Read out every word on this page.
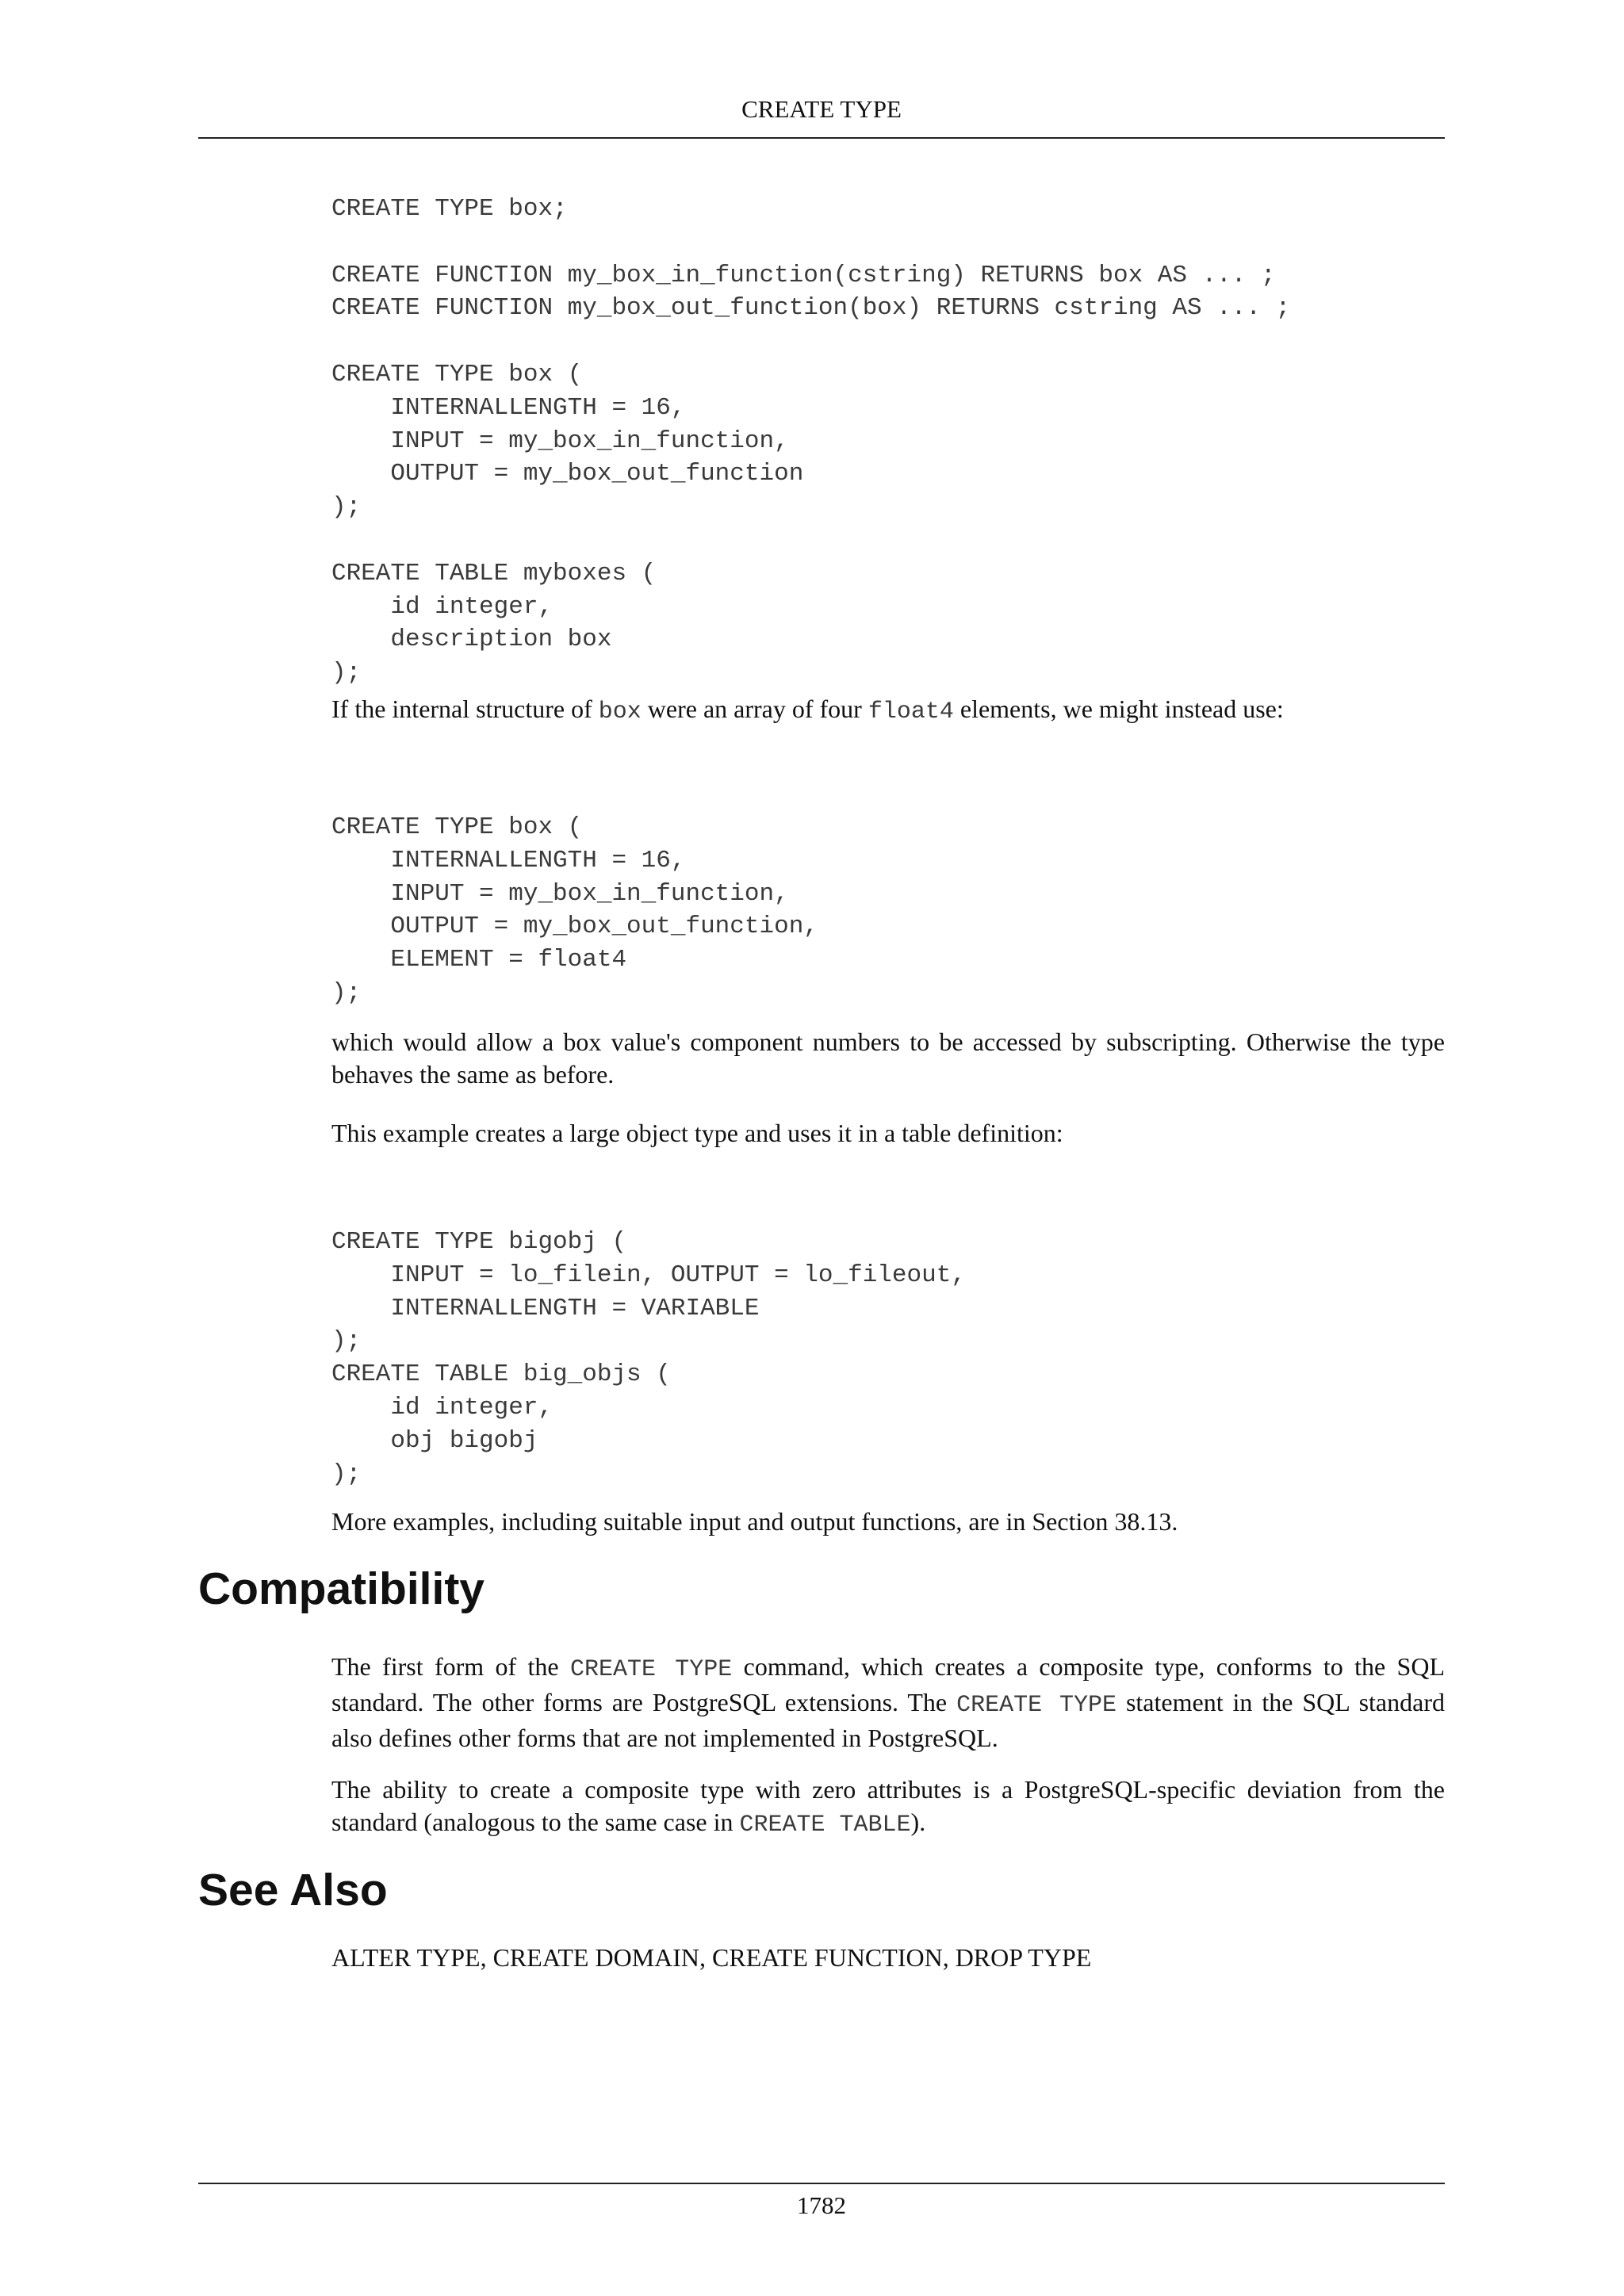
CREATE TYPE
CREATE TYPE box;

CREATE FUNCTION my_box_in_function(cstring) RETURNS box AS ... ;
CREATE FUNCTION my_box_out_function(box) RETURNS cstring AS ... ;

CREATE TYPE box (
INTERNALLENGTH = 16,
INPUT = my_box_in_function,
OUTPUT = my_box_out_function
);

CREATE TABLE myboxes (
id integer,
description box
);

If the internal structure of box were an array of four float4 elements, we might instead use:

CREATE TYPE box (
INTERNALLENGTH = 16,
INPUT = my_box_in_function,
OUTPUT = my_box_out_function,
ELEMENT = float4
);

which would allow a box value's component numbers to be accessed by subscripting. Otherwise the type behaves the same as before.

This example creates a large object type and uses it in a table definition:

CREATE TYPE bigobj (
INPUT = lo_filein, OUTPUT = lo_fileout,
INTERNALLENGTH = VARIABLE
);
CREATE TABLE big_objs (
id integer,
obj bigobj
);

More examples, including suitable input and output functions, are in Section 38.13.

Compatibility

The first form of the CREATE TYPE command, which creates a composite type, conforms to the SQL standard. The other forms are PostgreSQL extensions. The CREATE TYPE statement in the SQL standard also defines other forms that are not implemented in PostgreSQL.

The ability to create a composite type with zero attributes is a PostgreSQL-specific deviation from the standard (analogous to the same case in CREATE TABLE).

See Also
ALTER TYPE, CREATE DOMAIN, CREATE FUNCTION, DROP TYPE
1782
